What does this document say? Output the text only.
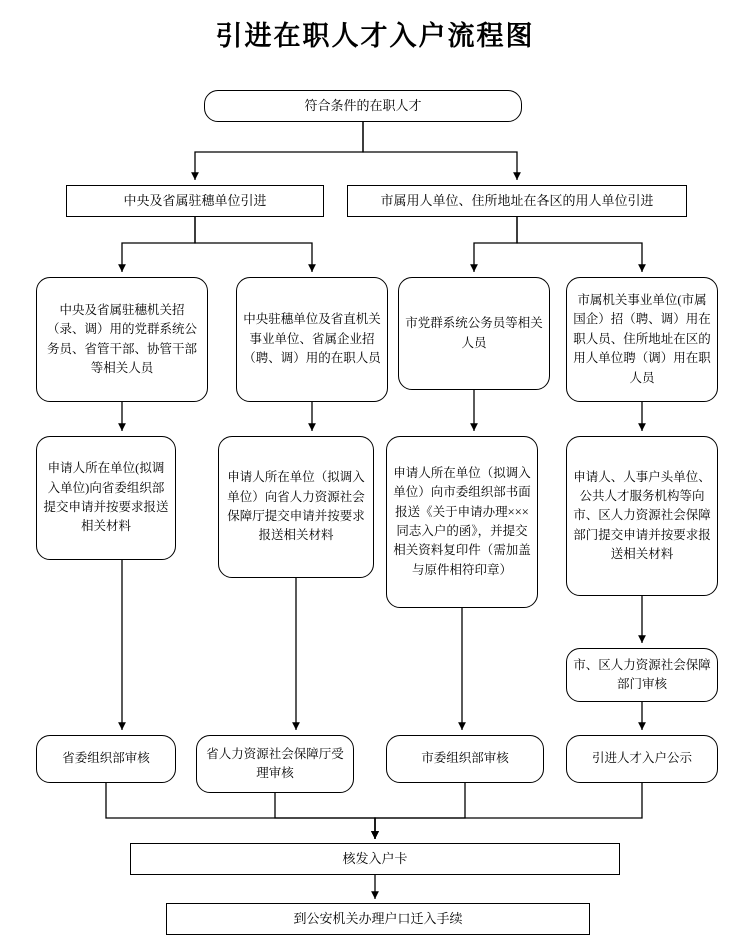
引进在职人才入户流程图
符合条件的在职人才
中央及省属驻穗单位引进	市属用人单位、住所地址在各区的用人单位引进
中央及省属驻穗机关招（录、调）用的党群系统公务员、省管干部、协管干部等相关人员
中央驻穗单位及省直机关事业单位、省属企业招（聘、调）用的在职人员
市党群系统公务员等相关人员
市属机关事业单位(市属国企）招（聘、调）用在职人员、住所地址在区的用人单位聘（调）用在职人员
申请人所在单位(拟调入单位)向省委组织部提交申请并按要求报送相关材料
申请人所在单位（拟调入单位）向省人力资源社会保障厅提交申请并按要求报送相关材料
申请人所在单位（拟调入单位）向市委组织部书面报送《关于申请办理×××同志入户的函》，并提交相关资料复印件（需加盖与原件相符印章）
申请人、人事户头单位、公共人才服务机构等向市、区人力资源社会保障部门提交申请并按要求报送相关材料
市、区人力资源社会保障部门审核
省委组织部审核	省人力资源社会保障厅受理审核
市委组织部审核	引进人才入户公示
核发入户卡
到公安机关办理户口迁入手续
